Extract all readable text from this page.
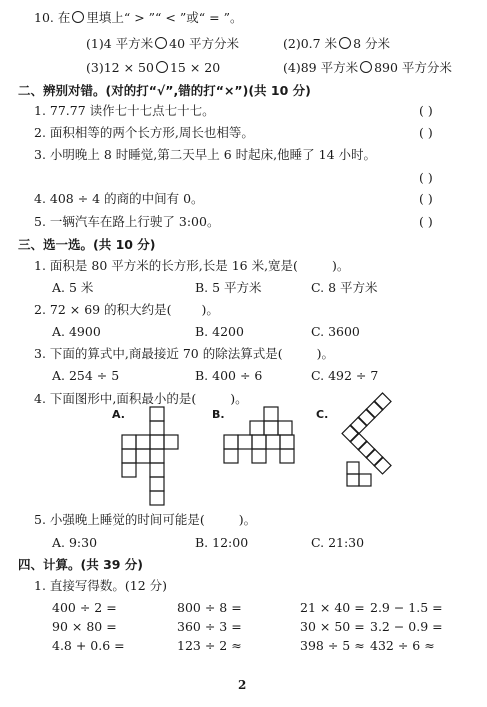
10. 在 里填上“ > ”“ < ”或“ = ”。
(1)4 平方米 40 平方分米	(2)0.7 米 8 分米
(3)12 × 50 15 × 20	(4)89 平方米 890 平方分米
二、辨别对错。(对的打“√”,错的打“×”)(共 10 分)
1. 77.77 读作七十七点七十七。	( )
2. 面积相等的两个长方形,周长也相等。	( )
3. 小明晚上 8 时睡觉,第二天早上 6 时起床,他睡了 14 小时。
( )
4. 408 ÷ 4 的商的中间有 0。	( )
5. 一辆汽车在路上行驶了 3:00。	( )
三、选一选。(共 10 分)
1. 面积是 80 平方米的长方形,长是 16 米,宽是(	)。
A. 5 米	B. 5 平方米	C. 8 平方米
2. 72 × 69 的积大约是( )。
A. 4900	B. 4200	C. 3600
3. 下面的算式中,商最接近 70 的除法算式是(	)。
A. 254 ÷ 5	B. 400 ÷ 6	C. 492 ÷ 7
4. 下面图形中,面积最小的是(	)。
A.	B.	C.
5. 小强晚上睡觉的时间可能是(	)。
A. 9:30	B. 12:00	C. 21:30
四、计算。(共 39 分)
1. 直接写得数。(12 分)
400 ÷ 2 =	800 ÷ 8 =	21 × 40 = 2.9 − 1.5 =
90 × 80 =	360 ÷ 3 =	30 × 50 = 3.2 − 0.9 =
4.8 + 0.6 =	123 ÷ 2 ≈	398 ÷ 5 ≈ 432 ÷ 6 ≈
2
